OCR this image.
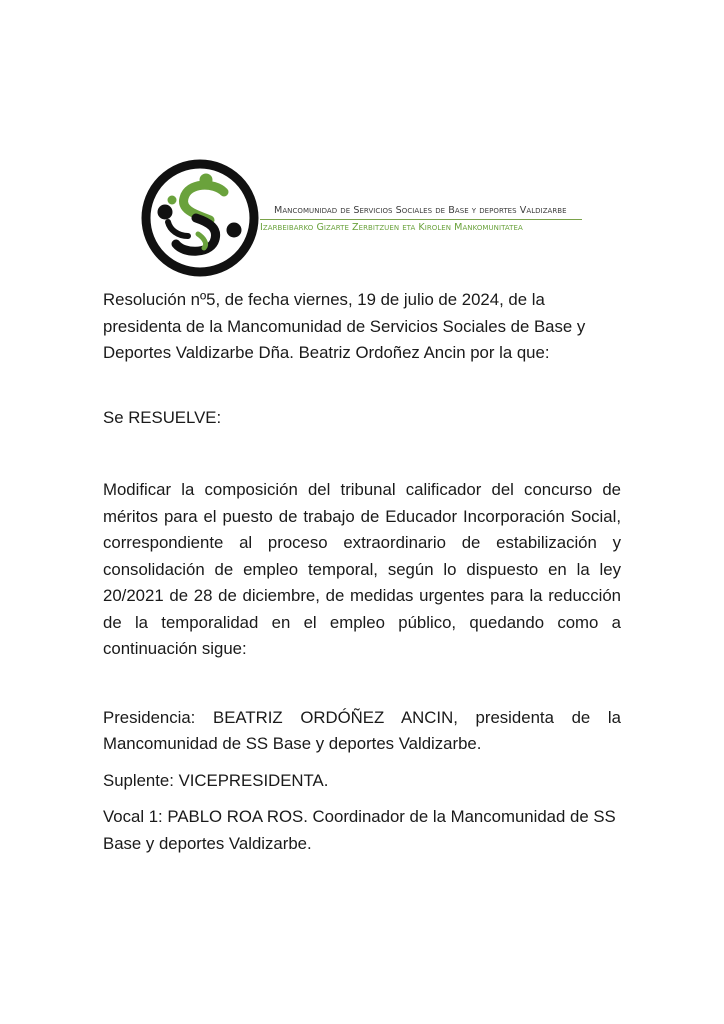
Mancomunidad de Servicios Sociales de Base y deportes Valdizarbe
Izarbeibarko Gizarte Zerbitzuen eta Kirolen Mankomunitatea

Resolución nº5, de fecha viernes, 19 de julio de 2024, de la presidenta de la Mancomunidad de Servicios Sociales de Base y Deportes Valdizarbe Dña. Beatriz Ordoñez Ancin por la que:

Se RESUELVE:

Modificar la composición del tribunal calificador del concurso de méritos para el puesto de trabajo de Educador Incorporación Social, correspondiente al proceso extraordinario de estabilización y consolidación de empleo temporal, según lo dispuesto en la ley 20/2021 de 28 de diciembre, de medidas urgentes para la reducción de la temporalidad en el empleo público, quedando como a continuación sigue:

Presidencia: BEATRIZ ORDÓÑEZ ANCIN, presidenta de la Mancomunidad de SS Base y deportes Valdizarbe.

Suplente: VICEPRESIDENTA.

Vocal 1: PABLO ROA ROS. Coordinador de la Mancomunidad de SS Base y deportes Valdizarbe.
